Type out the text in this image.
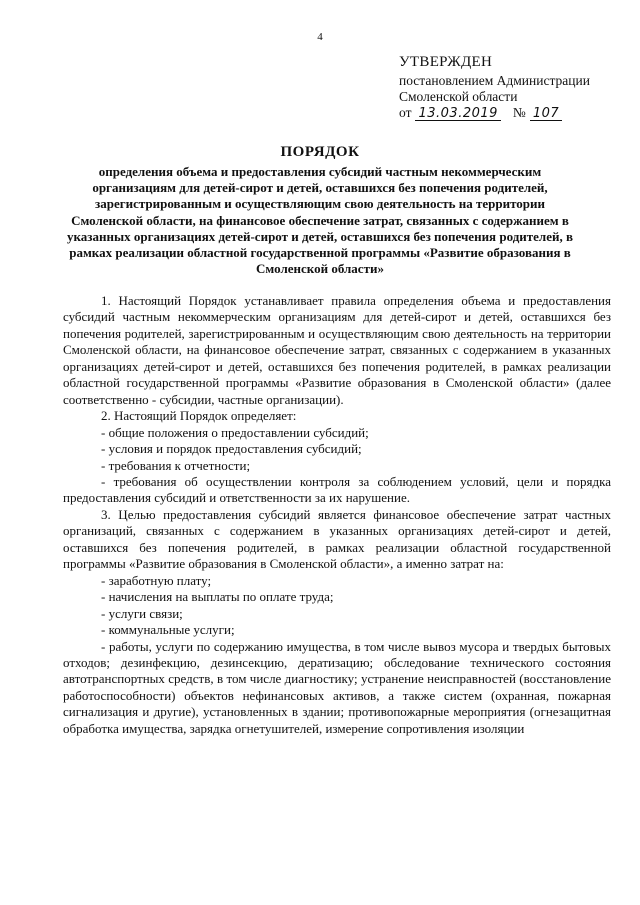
4
УТВЕРЖДЕН
постановлением Администрации
Смоленской области
от 13.03.2019 № 107
ПОРЯДОК
определения объема и предоставления субсидий частным некоммерческим организациям для детей-сирот и детей, оставшихся без попечения родителей, зарегистрированным и осуществляющим свою деятельность на территории Смоленской области, на финансовое обеспечение затрат, связанных с содержанием в указанных организациях детей-сирот и детей, оставшихся без попечения родителей, в рамках реализации областной государственной программы «Развитие образования в Смоленской области»

1. Настоящий Порядок устанавливает правила определения объема и предоставления субсидий частным некоммерческим организациям для детей-сирот и детей, оставшихся без попечения родителей, зарегистрированным и осуществляющим свою деятельность на территории Смоленской области, на финансовое обеспечение затрат, связанных с содержанием в указанных организациях детей-сирот и детей, оставшихся без попечения родителей, в рамках реализации областной государственной программы «Развитие образования в Смоленской области» (далее соответственно - субсидии, частные организации).

2. Настоящий Порядок определяет:

- общие положения о предоставлении субсидий;

- условия и порядок предоставления субсидий;

- требования к отчетности;

- требования об осуществлении контроля за соблюдением условий, цели и порядка предоставления субсидий и ответственности за их нарушение.

3. Целью предоставления субсидий является финансовое обеспечение затрат частных организаций, связанных с содержанием в указанных организациях детей-сирот и детей, оставшихся без попечения родителей, в рамках реализации областной государственной программы «Развитие образования в Смоленской области», а именно затрат на:

- заработную плату;

- начисления на выплаты по оплате труда;

- услуги связи;

- коммунальные услуги;

- работы, услуги по содержанию имущества, в том числе вывоз мусора и твердых бытовых отходов; дезинфекцию, дезинсекцию, дератизацию; обследование технического состояния автотранспортных средств, в том числе диагностику; устранение неисправностей (восстановление работоспособности) объектов нефинансовых активов, а также систем (охранная, пожарная сигнализация и другие), установленных в здании; противопожарные мероприятия (огнезащитная обработка имущества, зарядка огнетушителей, измерение сопротивления изоляции
